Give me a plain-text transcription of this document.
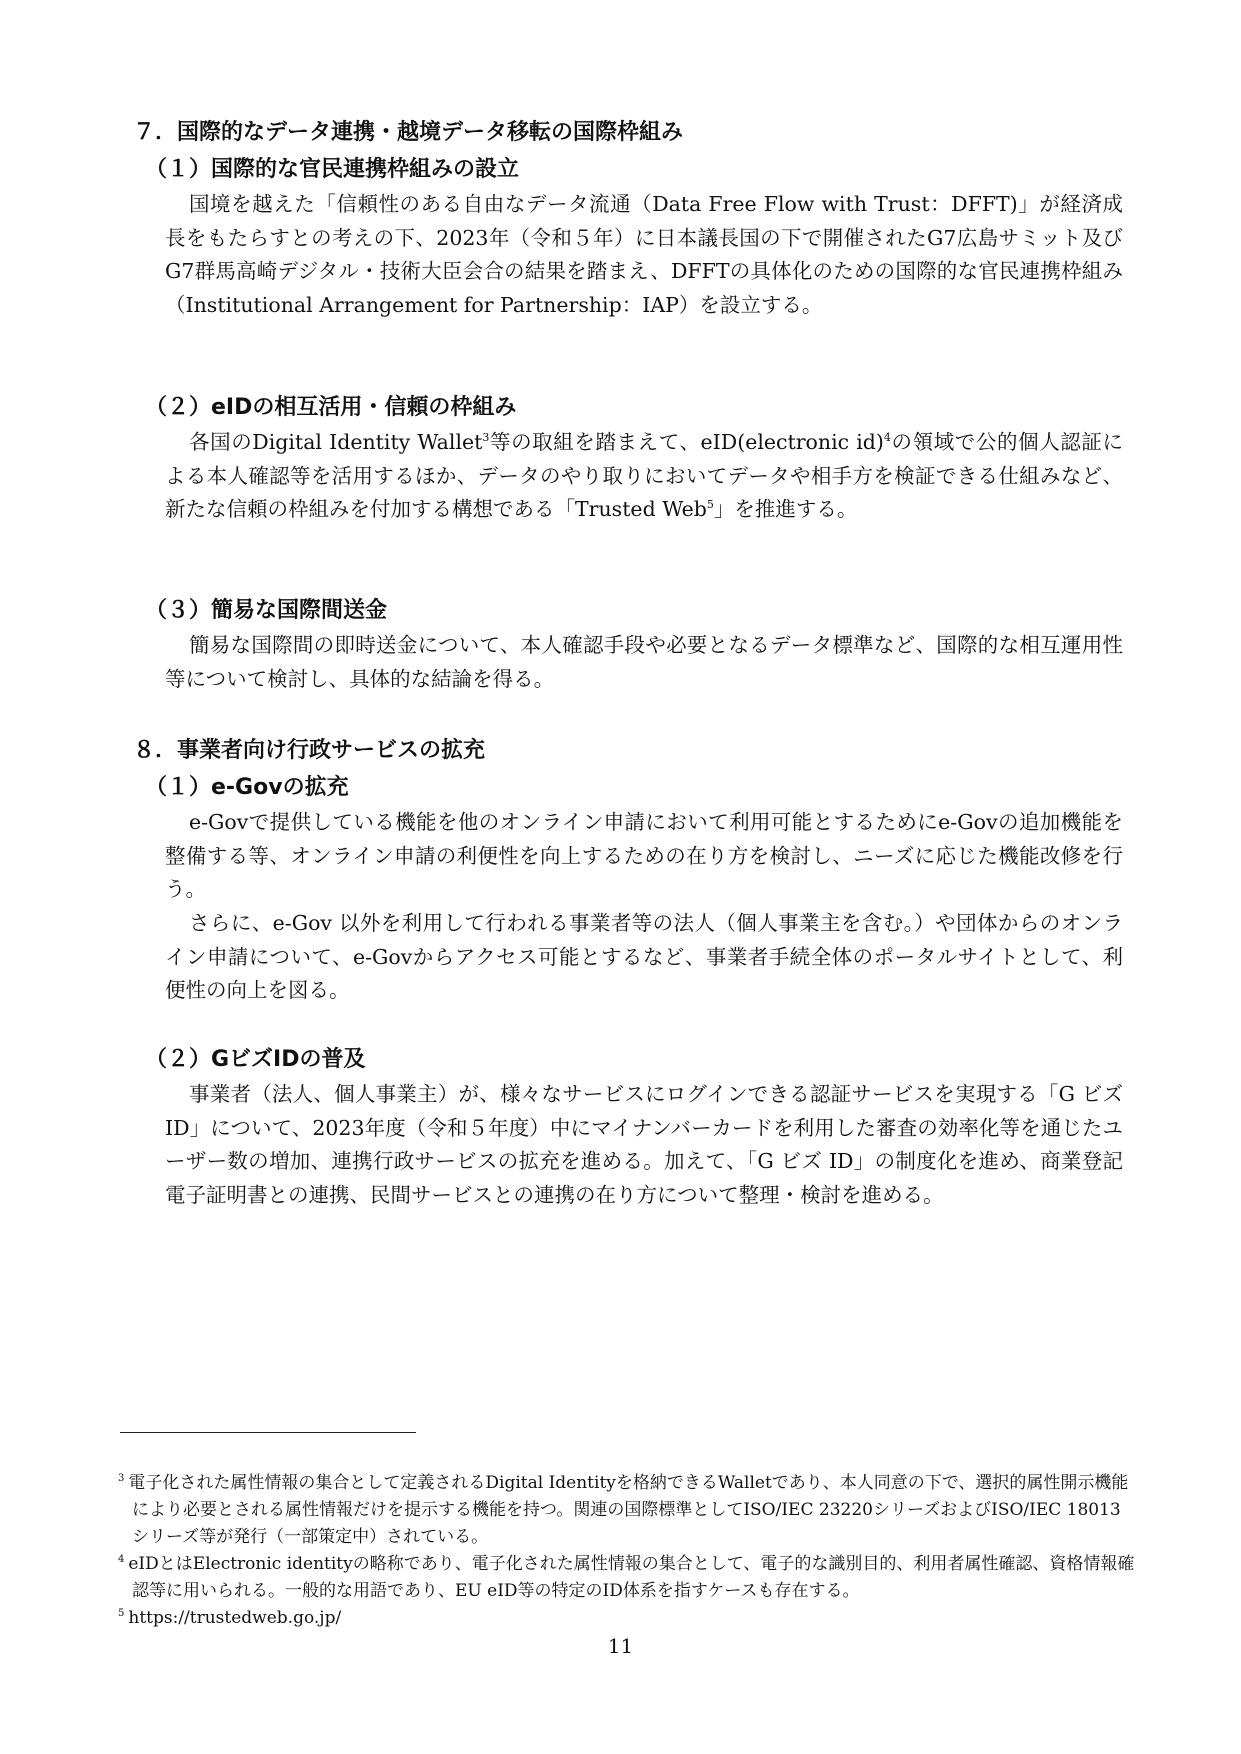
７．国際的なデータ連携・越境データ移転の国際枠組み
（１）国際的な官民連携枠組みの設立

国境を越えた「信頼性のある自由なデータ流通（Data Free Flow with Trust：DFFT)」が経済成長をもたらすとの考えの下、2023年（令和５年）に日本議長国の下で開催されたG7広島サミット及びG7群馬高崎デジタル・技術大臣会合の結果を踏まえ、DFFTの具体化のための国際的な官民連携枠組み（Institutional Arrangement for Partnership：IAP）を設立する。

（２）eIDの相互活用・信頼の枠組み

各国のDigital Identity Wallet$^3$等の取組を踏まえて、eID(electronic id)$^4$の領域で公的個人認証による本人確認等を活用するほか、データのやり取りにおいてデータや相手方を検証できる仕組みなど、新たな信頼の枠組みを付加する構想である「Trusted Web$^5$」を推進する。

（３）簡易な国際間送金

簡易な国際間の即時送金について、本人確認手段や必要となるデータ標準など、国際的な相互運用性等について検討し、具体的な結論を得る。

８．事業者向け行政サービスの拡充
（１）e-Govの拡充

e-Govで提供している機能を他のオンライン申請において利用可能とするためにe-Govの追加機能を整備する等、オンライン申請の利便性を向上するための在り方を検討し、ニーズに応じた機能改修を行う。

さらに、e-Gov 以外を利用して行われる事業者等の法人（個人事業主を含む。）や団体からのオンライン申請について、e-Govからアクセス可能とするなど、事業者手続全体のポータルサイトとして、利便性の向上を図る。

（２）GビズIDの普及

事業者（法人、個人事業主）が、様々なサービスにログインできる認証サービスを実現する「G ビズ ID」について、2023年度（令和５年度）中にマイナンバーカードを利用した審査の効率化等を通じたユーザー数の増加、連携行政サービスの拡充を進める。加えて、「G ビズ ID」の制度化を進め、商業登記電子証明書との連携、民間サービスとの連携の在り方について整理・検討を進める。

$^3$ 電子化された属性情報の集合として定義されるDigital Identityを格納できるWalletであり、本人同意の下で、選択的属性開示機能により必要とされる属性情報だけを提示する機能を持つ。関連の国際標準としてISO/IEC 23220シリーズおよびISO/IEC 18013シリーズ等が発行（一部策定中）されている。

$^4$ eIDとはElectronic identityの略称であり、電子化された属性情報の集合として、電子的な識別目的、利用者属性確認、資格情報確認等に用いられる。一般的な用語であり、EU eID等の特定のID体系を指すケースも存在する。

$^5$ https://trustedweb.go.jp/

11
